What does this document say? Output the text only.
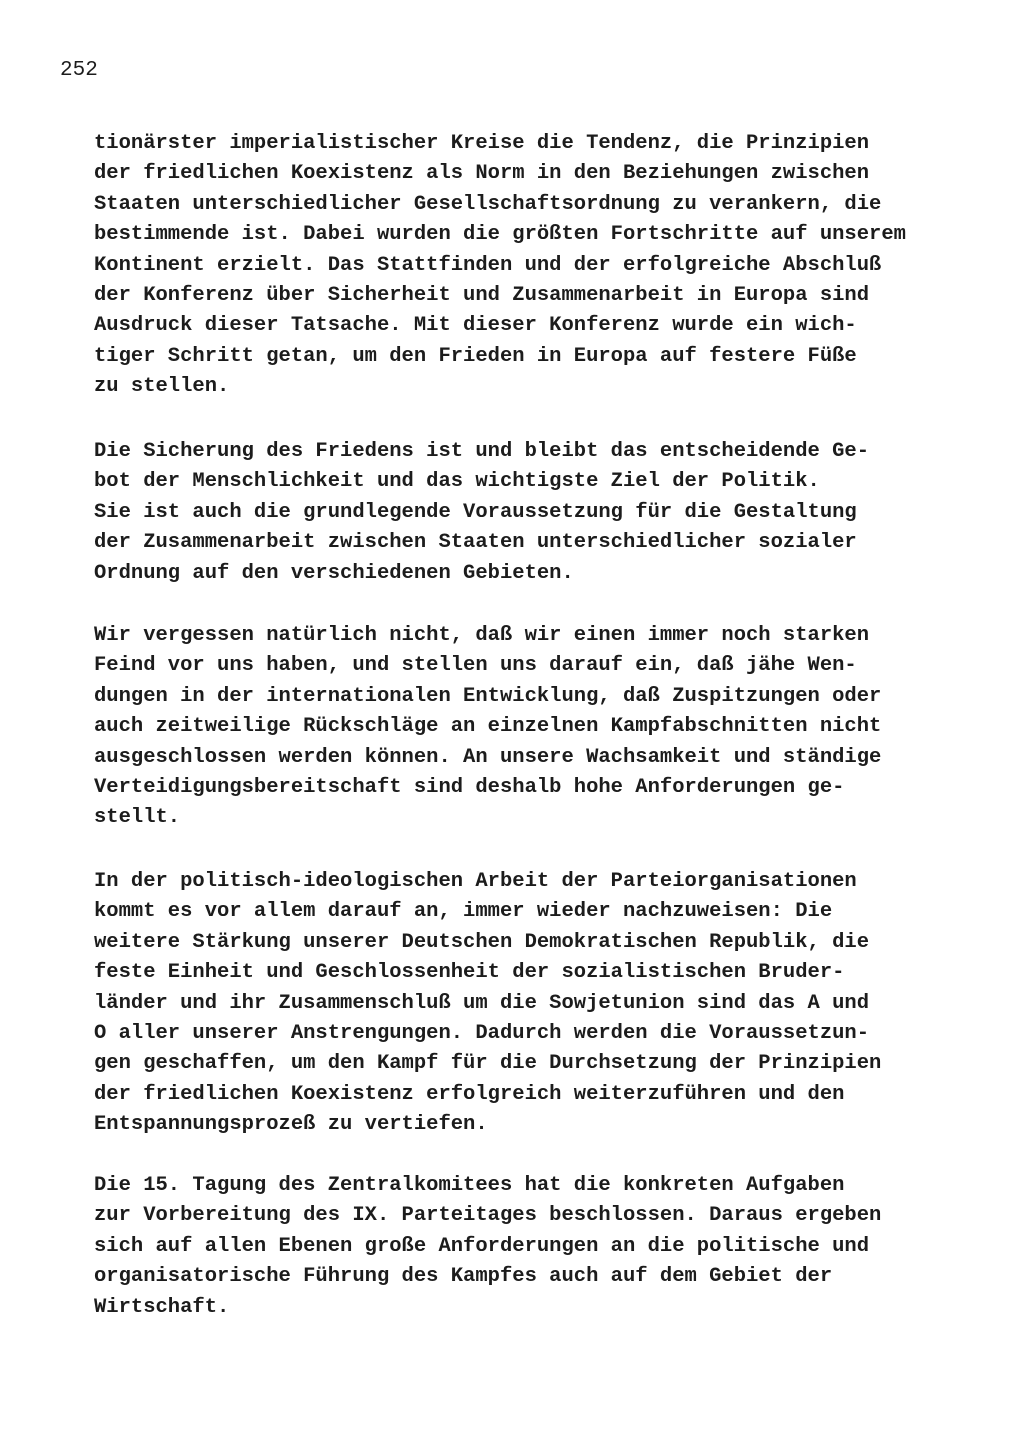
252
tionärster imperialistischer Kreise die Tendenz, die Prinzipien
der friedlichen Koexistenz als Norm in den Beziehungen zwischen
Staaten unterschiedlicher Gesellschaftsordnung zu verankern, die
bestimmende ist. Dabei wurden die größten Fortschritte auf unserem
Kontinent erzielt. Das Stattfinden und der erfolgreiche Abschluß
der Konferenz über Sicherheit und Zusammenarbeit in Europa sind
Ausdruck dieser Tatsache. Mit dieser Konferenz wurde ein wich-
tiger Schritt getan, um den Frieden in Europa auf festere Füße
zu stellen.
Die Sicherung des Friedens ist und bleibt das entscheidende Ge-
bot der Menschlichkeit und das wichtigste Ziel der Politik.
Sie ist auch die grundlegende Voraussetzung für die Gestaltung
der Zusammenarbeit zwischen Staaten unterschiedlicher sozialer
Ordnung auf den verschiedenen Gebieten.
Wir vergessen natürlich nicht, daß wir einen immer noch starken
Feind vor uns haben, und stellen uns darauf ein, daß jähe Wen-
dungen in der internationalen Entwicklung, daß Zuspitzungen oder
auch zeitweilige Rückschläge an einzelnen Kampfabschnitten nicht
ausgeschlossen werden können. An unsere Wachsamkeit und ständige
Verteidigungsbereitschaft sind deshalb hohe Anforderungen ge-
stellt.
In der politisch-ideologischen Arbeit der Parteiorganisationen
kommt es vor allem darauf an, immer wieder nachzuweisen: Die
weitere Stärkung unserer Deutschen Demokratischen Republik, die
feste Einheit und Geschlossenheit der sozialistischen Bruder-
länder und ihr Zusammenschluß um die Sowjetunion sind das A und
O aller unserer Anstrengungen. Dadurch werden die Voraussetzun-
gen geschaffen, um den Kampf für die Durchsetzung der Prinzipien
der friedlichen Koexistenz erfolgreich weiterzuführen und den
Entspannungsprozeß zu vertiefen.
Die 15. Tagung des Zentralkomitees hat die konkreten Aufgaben
zur Vorbereitung des IX. Parteitages beschlossen. Daraus ergeben
sich auf allen Ebenen große Anforderungen an die politische und
organisatorische Führung des Kampfes auch auf dem Gebiet der
Wirtschaft.
